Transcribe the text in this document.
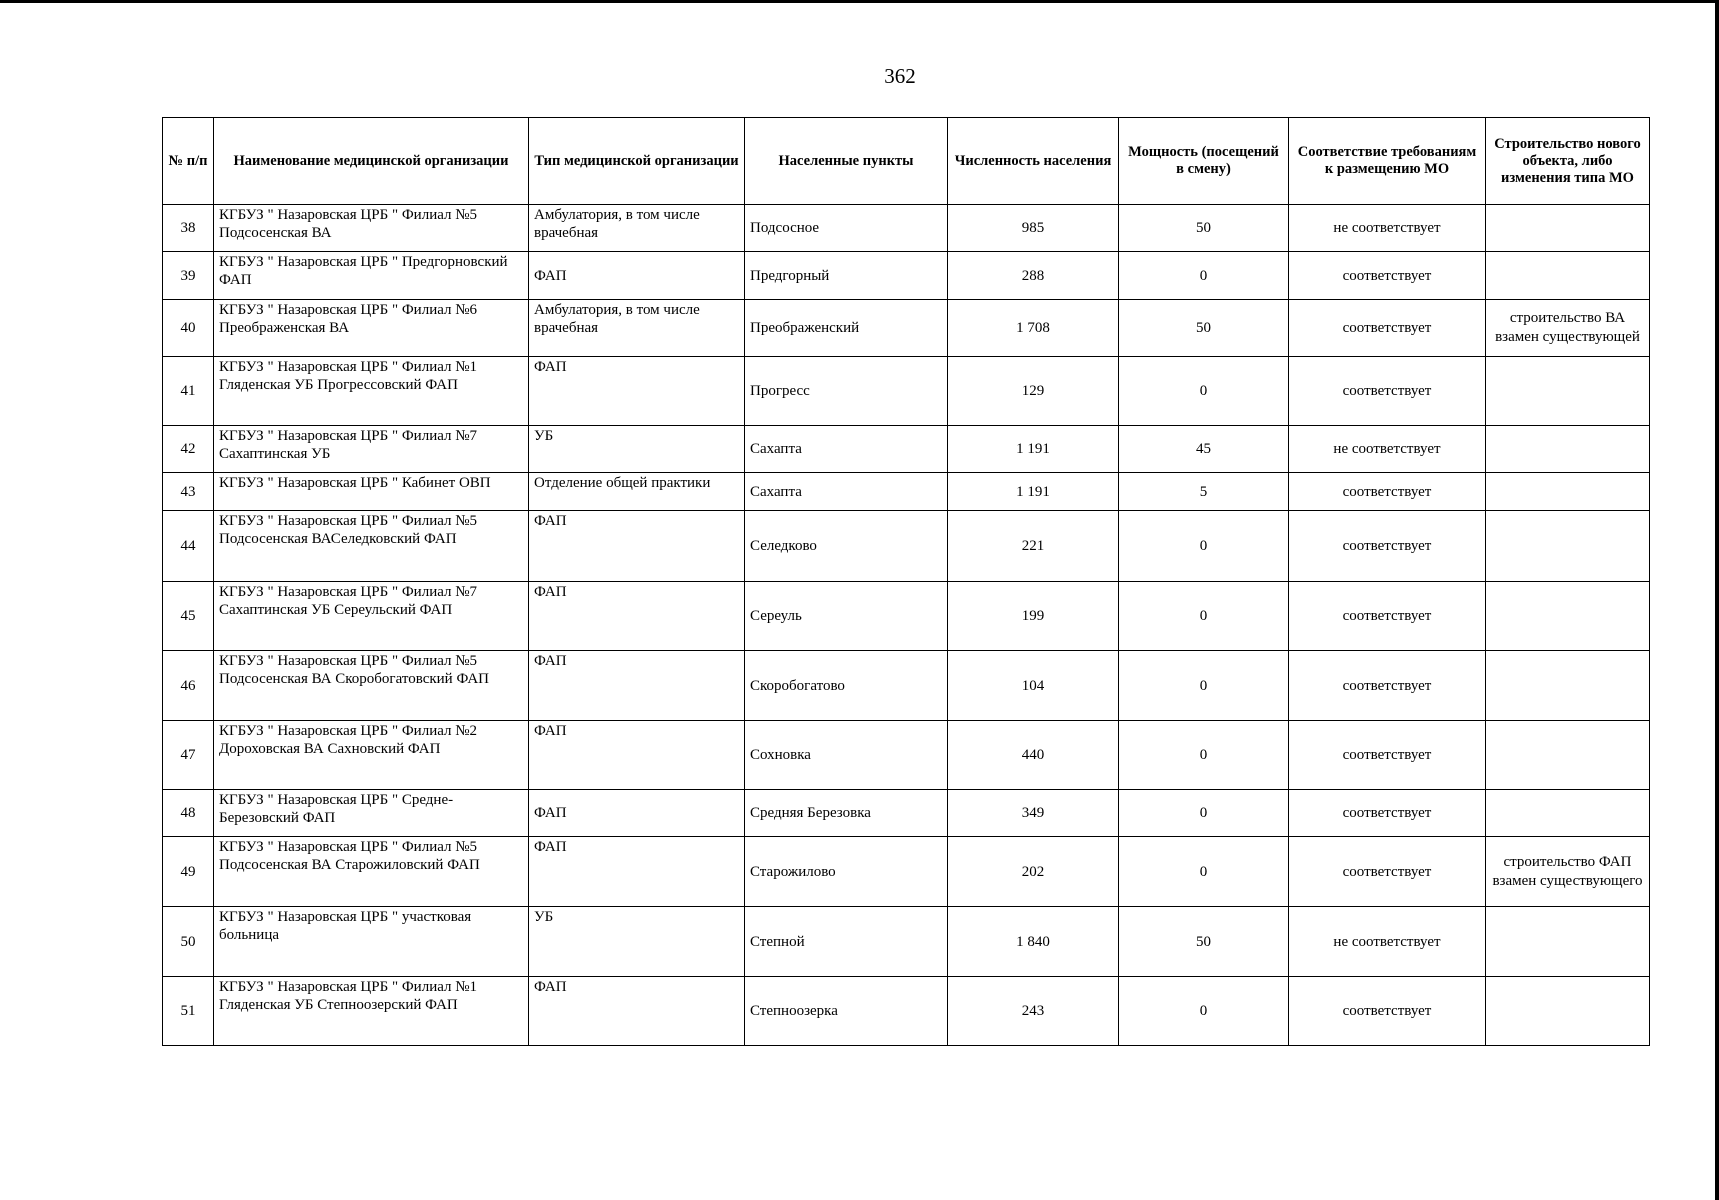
362
№ п/п	Наименование медицинской организации	Тип медицинской организации	Населенные пункты	Численность населения	Мощность (посещений в смену)	Соответствие требованиям к размещению МО	Строительство нового объекта, либо изменения типа МО
38	КГБУЗ " Назаровская ЦРБ " Филиал №5 Подсосенская ВА	Амбулатория, в том числе врачебная	Подсосное	985	50	не соответствует	
39	КГБУЗ " Назаровская ЦРБ " Предгорновский ФАП	ФАП	Предгорный	288	0	соответствует	
40	КГБУЗ " Назаровская ЦРБ " Филиал №6 Преображенская ВА	Амбулатория, в том числе врачебная	Преображенский	1 708	50	соответствует	строительство ВА взамен существующей
41	КГБУЗ " Назаровская ЦРБ " Филиал №1 Гляденская УБ Прогрессовский ФАП	ФАП	Прогресс	129	0	соответствует	
42	КГБУЗ " Назаровская ЦРБ " Филиал №7 Сахаптинская УБ	УБ	Сахапта	1 191	45	не соответствует	
43	КГБУЗ " Назаровская ЦРБ " Кабинет ОВП	Отделение общей практики	Сахапта	1 191	5	соответствует	
44	КГБУЗ " Назаровская ЦРБ " Филиал №5 Подсосенская ВАСеледковский ФАП	ФАП	Селедково	221	0	соответствует	
45	КГБУЗ " Назаровская ЦРБ " Филиал №7 Сахаптинская УБ Сереульский ФАП	ФАП	Сереуль	199	0	соответствует	
46	КГБУЗ " Назаровская ЦРБ " Филиал №5 Подсосенская ВА Скоробогатовский ФАП	ФАП	Скоробогатово	104	0	соответствует	
47	КГБУЗ " Назаровская ЦРБ " Филиал №2 Дороховская ВА Сахновский ФАП	ФАП	Сохновка	440	0	соответствует	
48	КГБУЗ " Назаровская ЦРБ " Средне-Березовский ФАП	ФАП	Средняя Березовка	349	0	соответствует	
49	КГБУЗ " Назаровская ЦРБ " Филиал №5 Подсосенская ВА Старожиловский ФАП	ФАП	Старожилово	202	0	соответствует	строительство ФАП взамен существующего
50	КГБУЗ " Назаровская ЦРБ " участковая больница	УБ	Степной	1 840	50	не соответствует	
51	КГБУЗ " Назаровская ЦРБ " Филиал №1 Гляденская УБ Степноозерский ФАП	ФАП	Степноозерка	243	0	соответствует	
